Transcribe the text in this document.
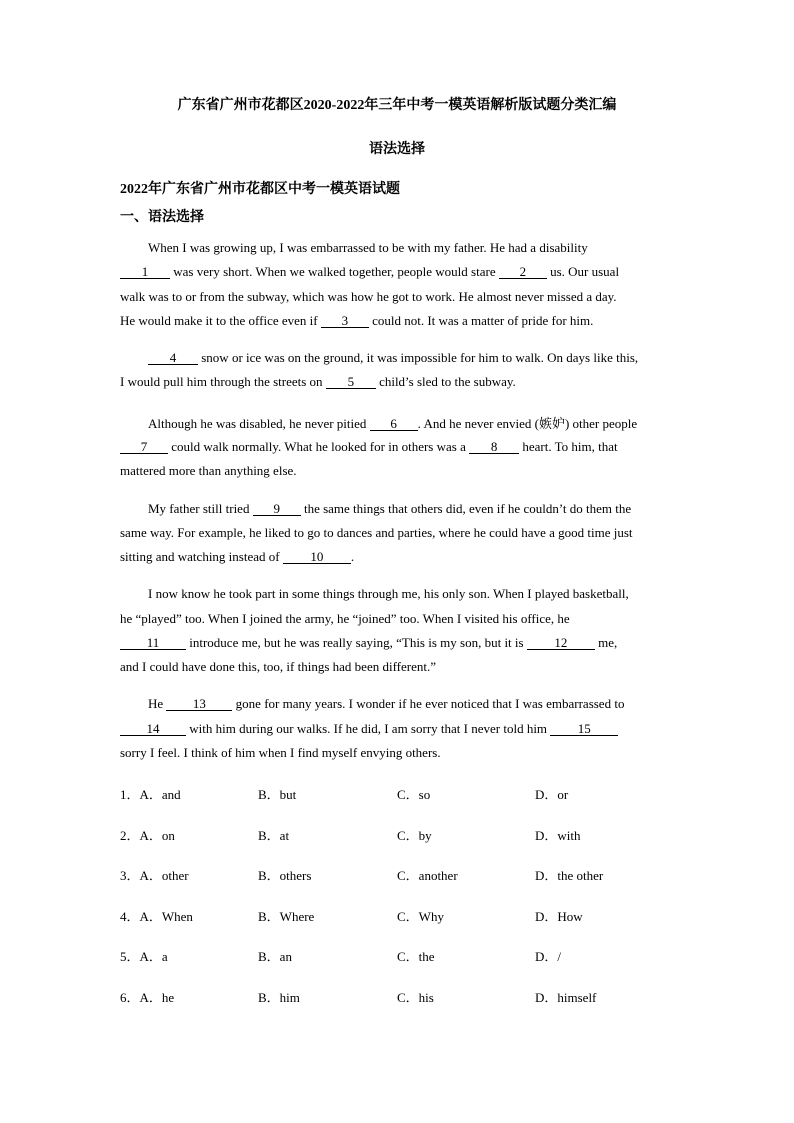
广东省广州市花都区2020-2022年三年中考一模英语解析版试题分类汇编
语法选择
2022年广东省广州市花都区中考一模英语试题
一、语法选择
When I was growing up, I was embarrassed to be with my father. He had a disability
1 was very short. When we walked together, people would stare 2 us. Our usual
walk was to or from the subway, which was how he got to work. He almost never missed a day.
He would make it to the office even if 3 could not. It was a matter of pride for him.
4 snow or ice was on the ground, it was impossible for him to walk. On days like this,
I would pull him through the streets on 5 child’s sled to the subway.
Although he was disabled, he never pitied 6 . And he never envied (嫉妒) other people
7 could walk normally. What he looked for in others was a 8 heart. To him, that
mattered more than anything else.
My father still tried 9 the same things that others did, even if he couldn’t do them the
same way. For example, he liked to go to dances and parties, where he could have a good time just
sitting and watching instead of 10 .
I now know he took part in some things through me, his only son. When I played basketball,
he “played” too. When I joined the army, he “joined” too. When I visited his office, he
11 introduce me, but he was really saying, “This is my son, but it is 12 me,
and I could have done this, too, if things had been different.”
He 13 gone for many years. I wonder if he ever noticed that I was embarrassed to
14 with him during our walks. If he did, I am sorry that I never told him 15
sorry I feel. I think of him when I find myself envying others.
1．A．and	B．but	C．so	D．or
2．A．on	B．at	C．by	D．with
3．A．other	B．others	C．another	D．the other
4．A．When	B．Where	C．Why	D．How
5．A．a	B．an	C．the	D．/
6．A．he	B．him	C．his	D．himself
